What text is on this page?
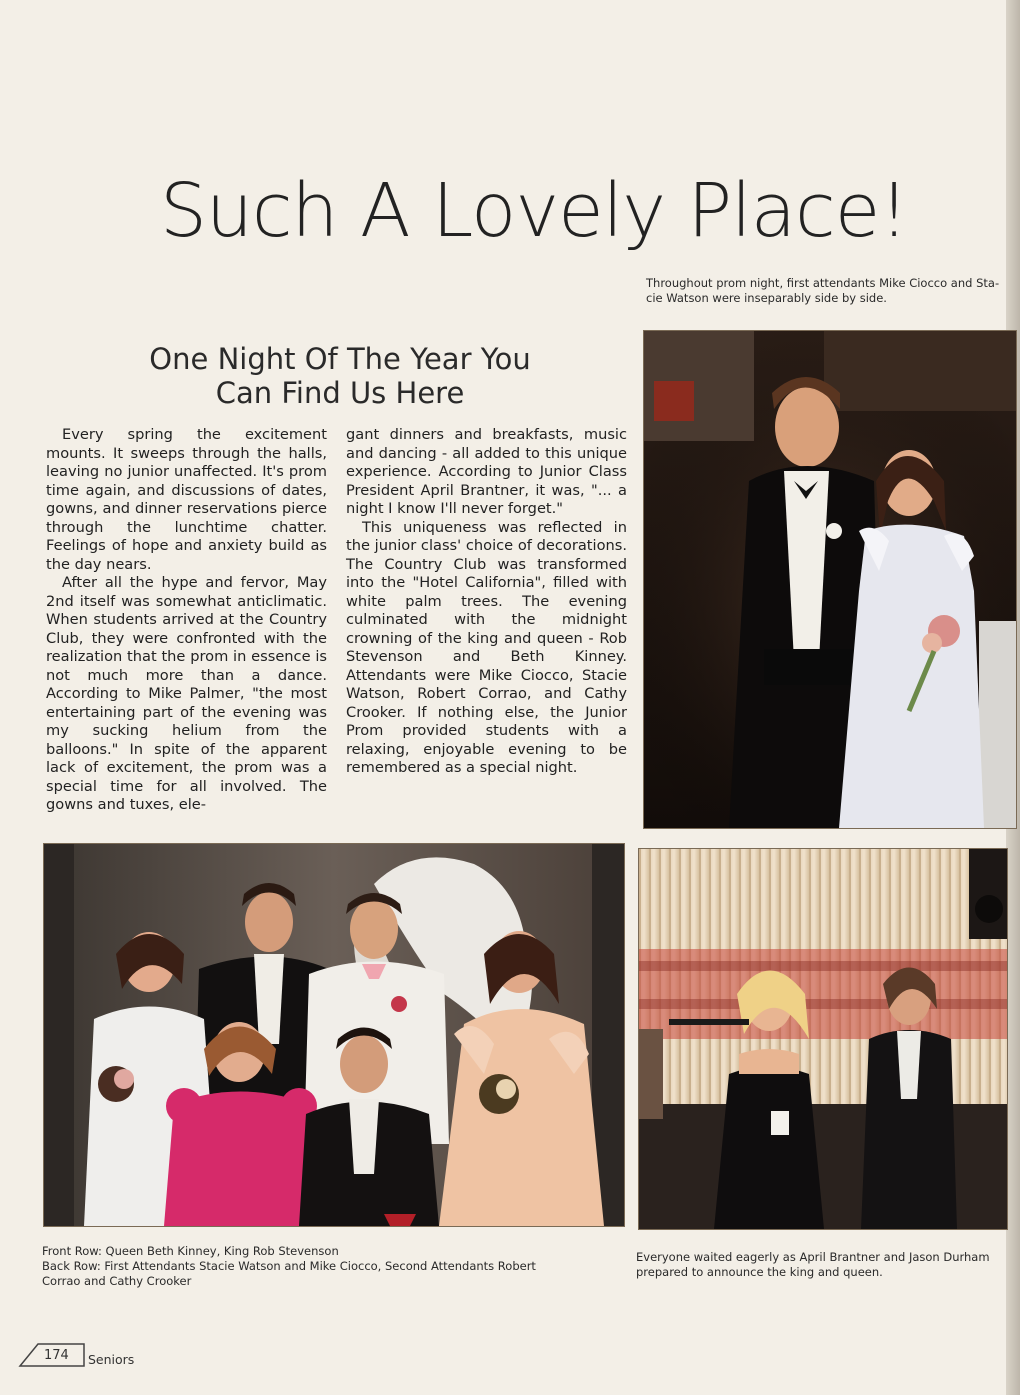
Such A Lovely Place!
Throughout prom night, first attendants Mike Ciocco and Sta-
cie Watson were inseparably side by side.
One Night Of The Year You
Can Find Us Here

Every spring the excitement mounts. It sweeps through the halls, leaving no junior unaffected. It's prom time again, and discussions of dates, gowns, and dinner reservations pierce through the lunchtime chatter. Feelings of hope and anxiety build as the day nears.

After all the hype and fervor, May 2nd itself was somewhat anticlimatic. When students arrived at the Country Club, they were confronted with the realization that the prom in essence is not much more than a dance. According to Mike Palmer, "the most entertaining part of the evening was my sucking helium from the balloons." In spite of the apparent lack of excitement, the prom was a special time for all involved. The gowns and tuxes, ele-

gant dinners and breakfasts, music and dancing - all added to this unique experience. According to Junior Class President April Brantner, it was, "... a night I know I'll never forget."

This uniqueness was reflected in the junior class' choice of decorations. The Country Club was transformed into the "Hotel California", filled with white palm trees. The evening culminated with the midnight crowning of the king and queen - Rob Stevenson and Beth Kinney. Attendants were Mike Ciocco, Stacie Watson, Robert Corrao, and Cathy Crooker. If nothing else, the Junior Prom provided students with a relaxing, enjoyable evening to be remembered as a special night.

Front Row: Queen Beth Kinney, King Rob Stevenson
Back Row: First Attendants Stacie Watson and Mike Ciocco, Second Attendants Robert
Corrao and Cathy Crooker
Everyone waited eagerly as April Brantner and Jason Durham
prepared to announce the king and queen.
174 Seniors
